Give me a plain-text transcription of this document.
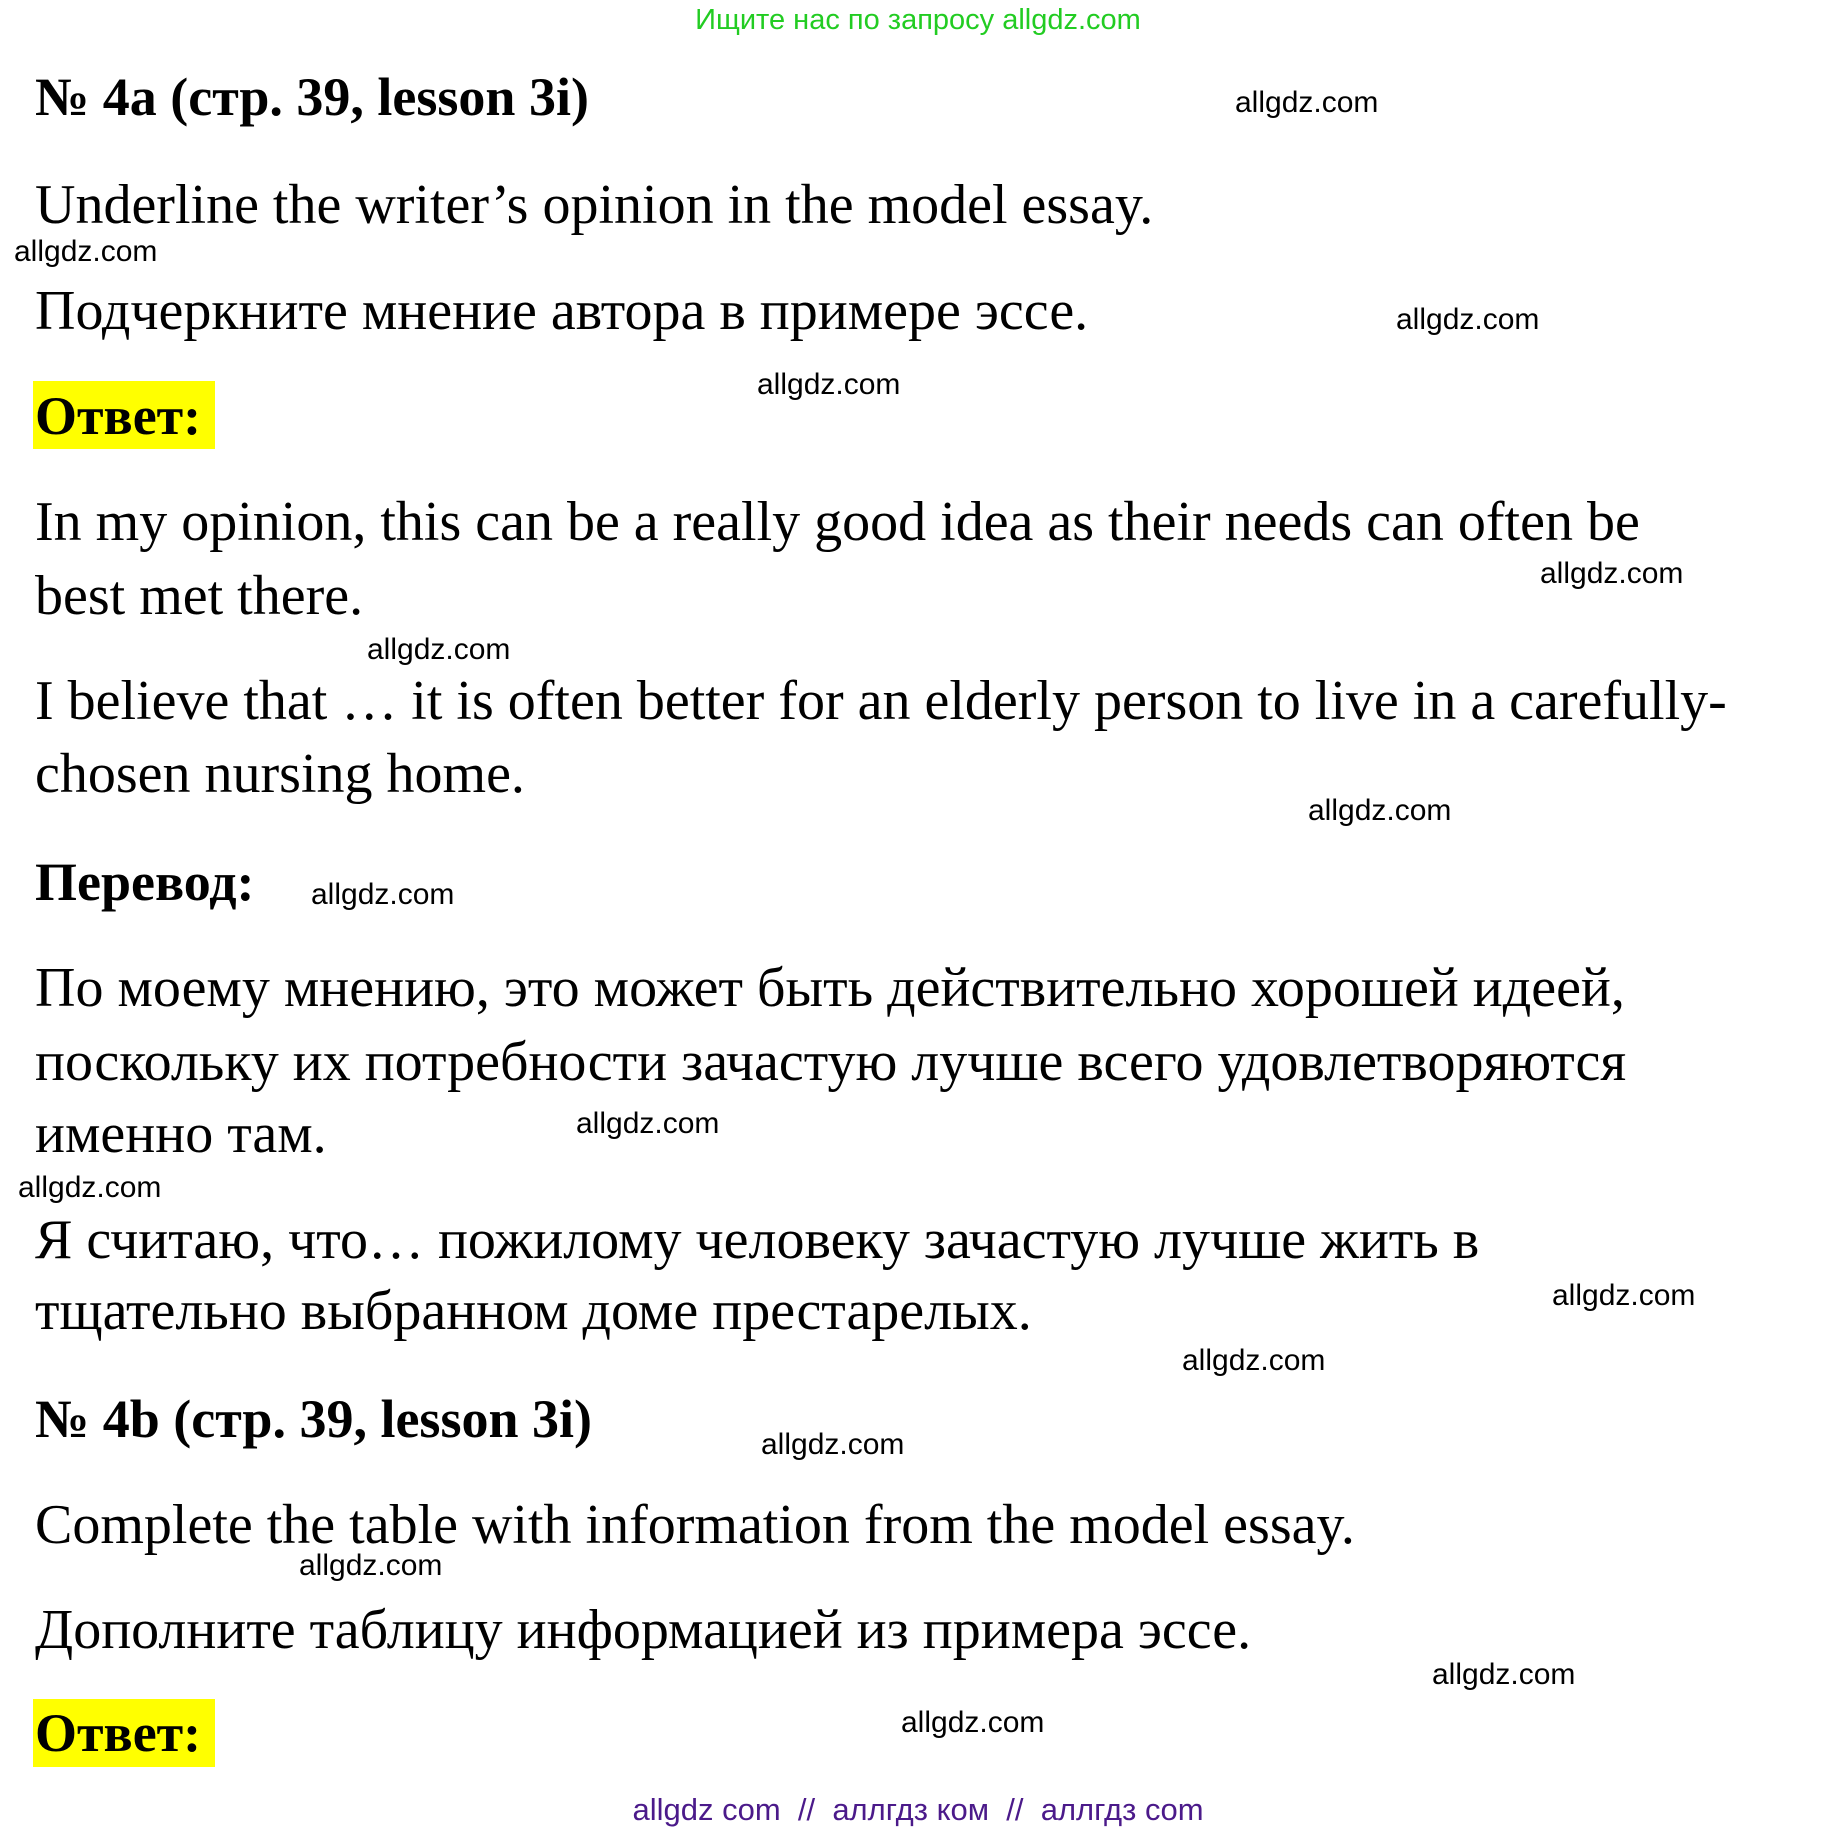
Ищите нас по запросу allgdz.com
№ 4a (стр. 39, lesson 3i)
Underline the writer’s opinion in the model essay.
Подчеркните мнение автора в примере эссе.
Ответ:
In my opinion, this can be a really good idea as their needs can often be
best met there.
I believe that … it is often better for an elderly person to live in a carefully-
chosen nursing home.
Перевод:
По моему мнению, это может быть действительно хорошей идеей,
поскольку их потребности зачастую лучше всего удовлетворяются
именно там.
Я считаю, что… пожилому человеку зачастую лучше жить в
тщательно выбранном доме престарелых.
№ 4b (стр. 39, lesson 3i)
Complete the table with information from the model essay.
Дополните таблицу информацией из примера эссе.
Ответ:
allgdz.com
allgdz.com
allgdz.com
allgdz.com
allgdz.com
allgdz.com
allgdz.com
allgdz.com
allgdz.com
allgdz.com
allgdz.com
allgdz.com
allgdz.com
allgdz.com
allgdz.com
allgdz.com
allgdz com  //  аллгдз ком  //  аллгдз com
